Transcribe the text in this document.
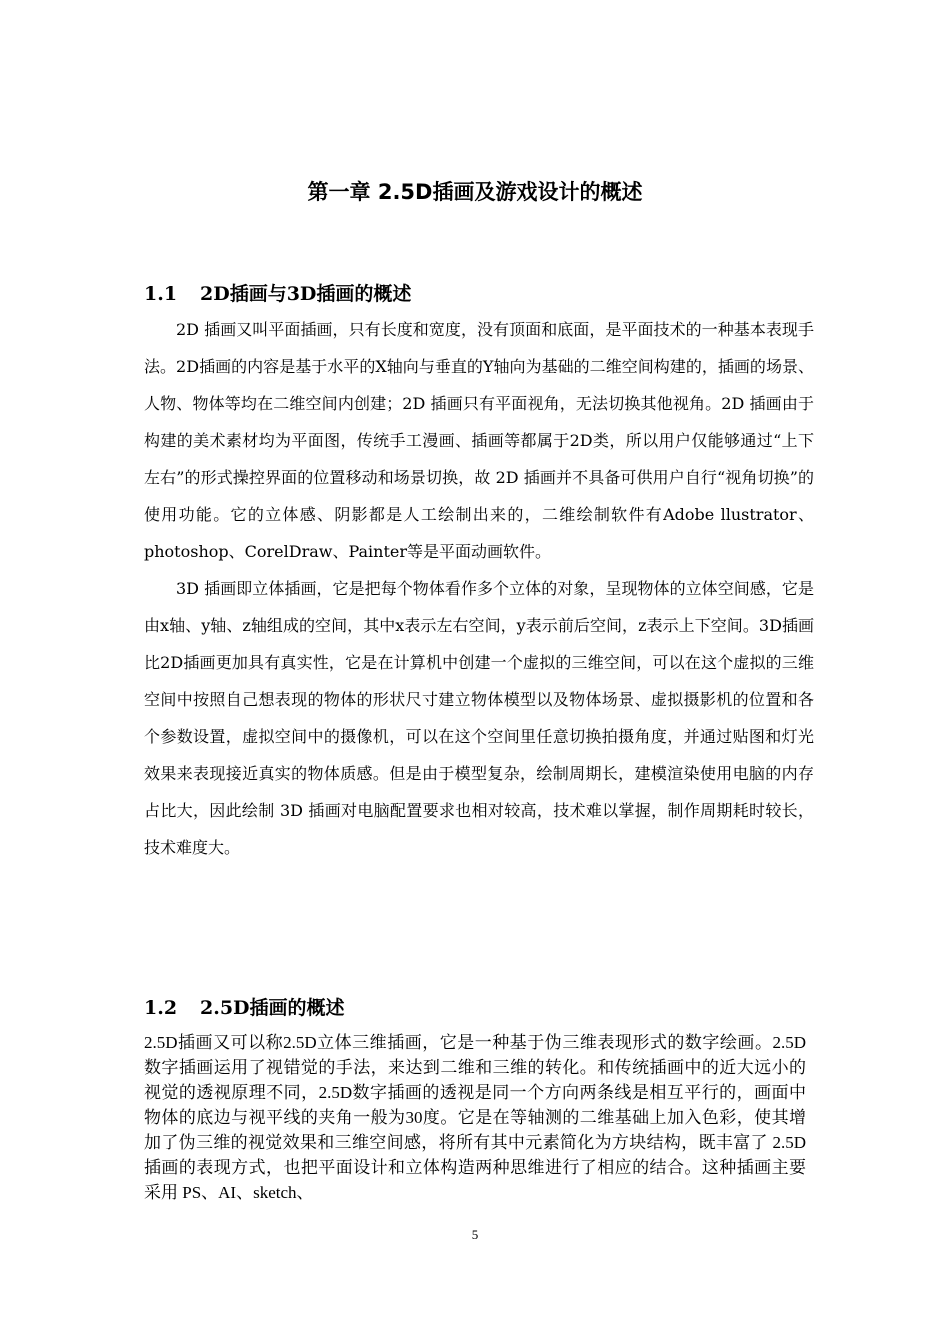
第一章 2.5D插画及游戏设计的概述
1.1 2D插画与3D插画的概述

2D 插画又叫平面插画，只有长度和宽度，没有顶面和底面，是平面技术的一种基本表现手法。2D插画的内容是基于水平的X轴向与垂直的Y轴向为基础的二维空间构建的，插画的场景、人物、物体等均在二维空间内创建；2D 插画只有平面视角，无法切换其他视角。2D 插画由于构建的美术素材均为平面图，传统手工漫画、插画等都属于2D类，所以用户仅能够通过“上下左右”的形式操控界面的位置移动和场景切换，故 2D 插画并不具备可供用户自行“视角切换”的使用功能。它的立体感、阴影都是人工绘制出来的，二维绘制软件有Adobe llustrator、photoshop、CorelDraw、Painter等是平面动画软件。

3D 插画即立体插画，它是把每个物体看作多个立体的对象，呈现物体的立体空间感，它是由x轴、y轴、z轴组成的空间，其中x表示左右空间，y表示前后空间，z表示上下空间。3D插画比2D插画更加具有真实性，它是在计算机中创建一个虚拟的三维空间，可以在这个虚拟的三维空间中按照自己想表现的物体的形状尺寸建立物体模型以及物体场景、虚拟摄影机的位置和各个参数设置，虚拟空间中的摄像机，可以在这个空间里任意切换拍摄角度，并通过贴图和灯光效果来表现接近真实的物体质感。但是由于模型复杂，绘制周期长，建模渲染使用电脑的内存占比大，因此绘制 3D 插画对电脑配置要求也相对较高，技术难以掌握，制作周期耗时较长，技术难度大。

1.2 2.5D插画的概述

2.5D插画又可以称2.5D立体三维插画，它是一种基于伪三维表现形式的数字绘画。2.5D 数字插画运用了视错觉的手法，来达到二维和三维的转化。和传统插画中的近大远小的视觉的透视原理不同，2.5D数字插画的透视是同一个方向两条线是相互平行的，画面中物体的底边与视平线的夹角一般为30度。它是在等轴测的二维基础上加入色彩，使其增加了伪三维的视觉效果和三维空间感，将所有其中元素简化为方块结构，既丰富了 2.5D插画的表现方式，也把平面设计和立体构造两种思维进行了相应的结合。这种插画主要采用 PS、AI、sketch、

5
